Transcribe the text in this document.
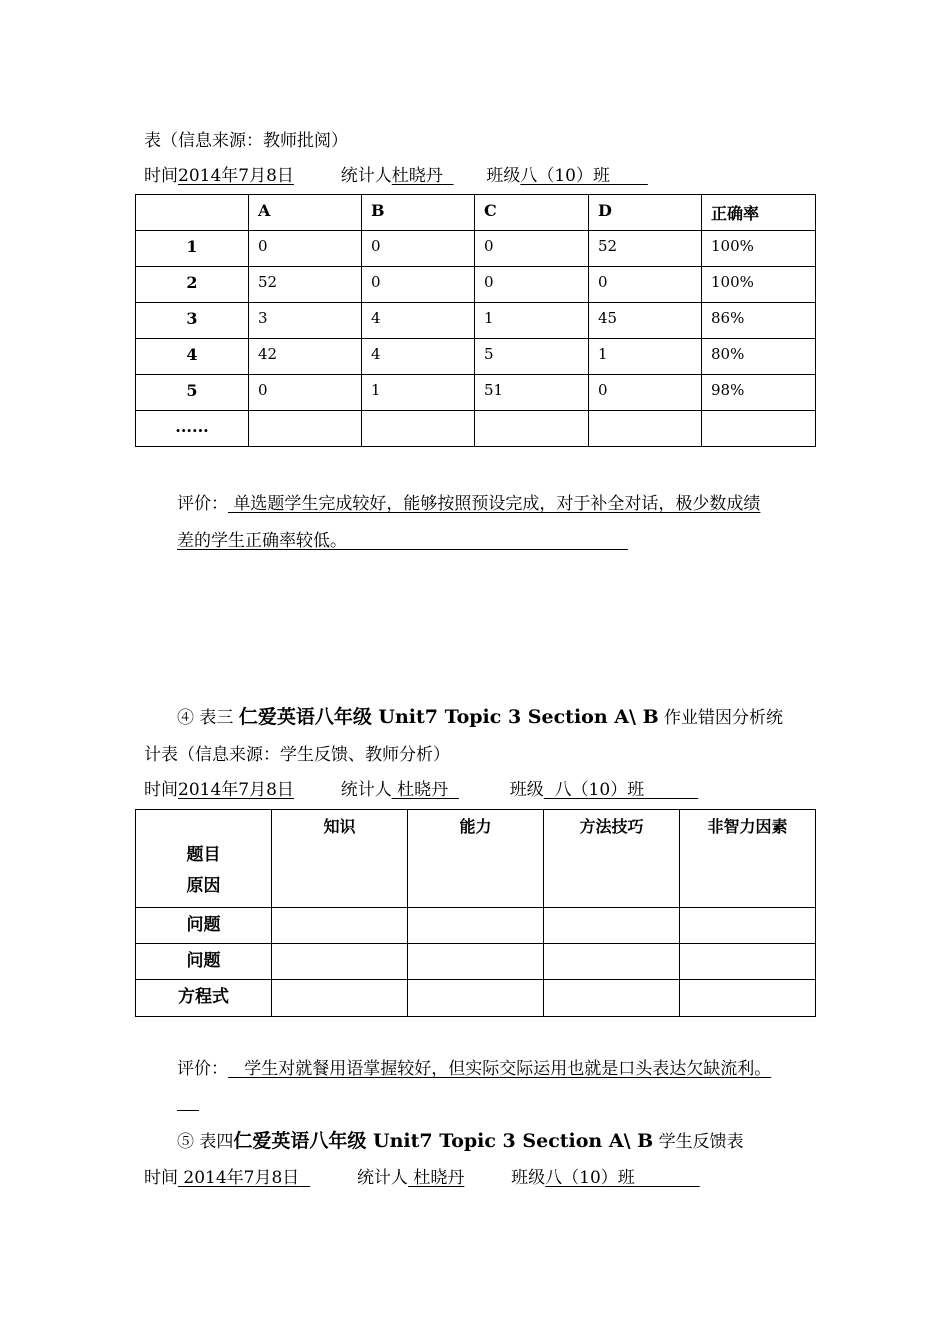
表（信息来源：教师批阅）
时间2014年7月8日	统计人杜晓丹	班级八（10）班
	A	B	C	D	正确率
1	0	0	0	52	100%
2	52	0	0	0	100%
3	3	4	1	45	86%
4	42	4	5	1	80%
5	0	1	51	0	98%
......					
评价： 单选题学生完成较好，能够按照预设完成，对于补全对话，极少数成绩
差的学生正确率较低。
④ 表三 仁爱英语八年级 Unit7 Topic 3 Section A\ B 作业错因分析统
计表（信息来源：学生反馈、教师分析）
时间2014年7月8日	统计人 杜晓丹	班级 八（10）班
题目
原因	知识	能力	方法技巧	非智力因素
问题				
问题				
方程式				
评价： 学生对就餐用语掌握较好，但实际交际运用也就是口头表达欠缺流利。
⑤ 表四仁爱英语八年级 Unit7 Topic 3 Section A\ B 学生反馈表
时间 2014年7月8日	统计人 杜晓丹	班级八（10）班
